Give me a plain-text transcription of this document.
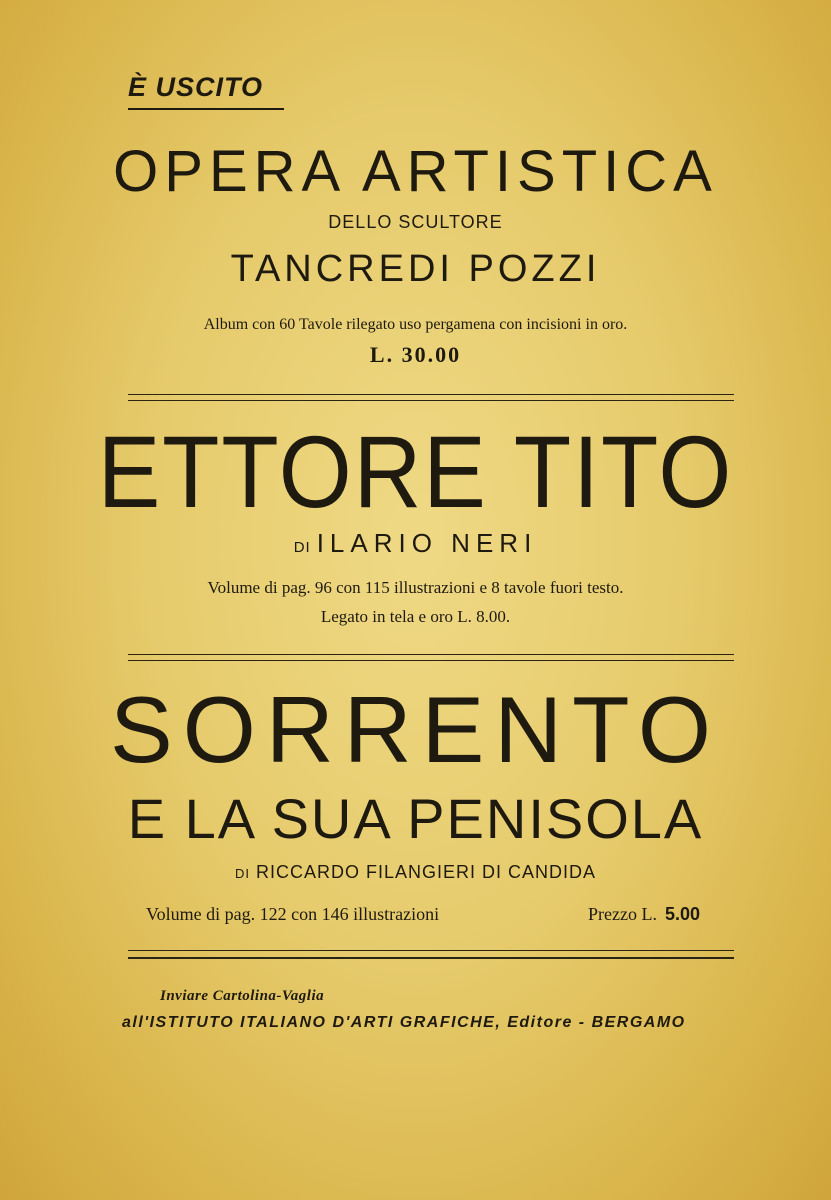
È USCITO
OPERA ARTISTICA
DELLO SCULTORE
TANCREDI POZZI
Album con 60 Tavole rilegato uso pergamena con incisioni in oro.
L. 30.00
ETTORE TITO
DI ILARIO NERI
Volume di pag. 96 con 115 illustrazioni e 8 tavole fuori testo.
Legato in tela e oro L. 8.00.
SORRENTO
E LA SUA PENISOLA
DI RICCARDO FILANGIERI DI CANDIDA
Volume di pag. 122 con 146 illustrazioni	Prezzo L. 5.00
Inviare Cartolina-Vaglia
all'ISTITUTO ITALIANO D'ARTI GRAFICHE, Editore - BERGAMO
